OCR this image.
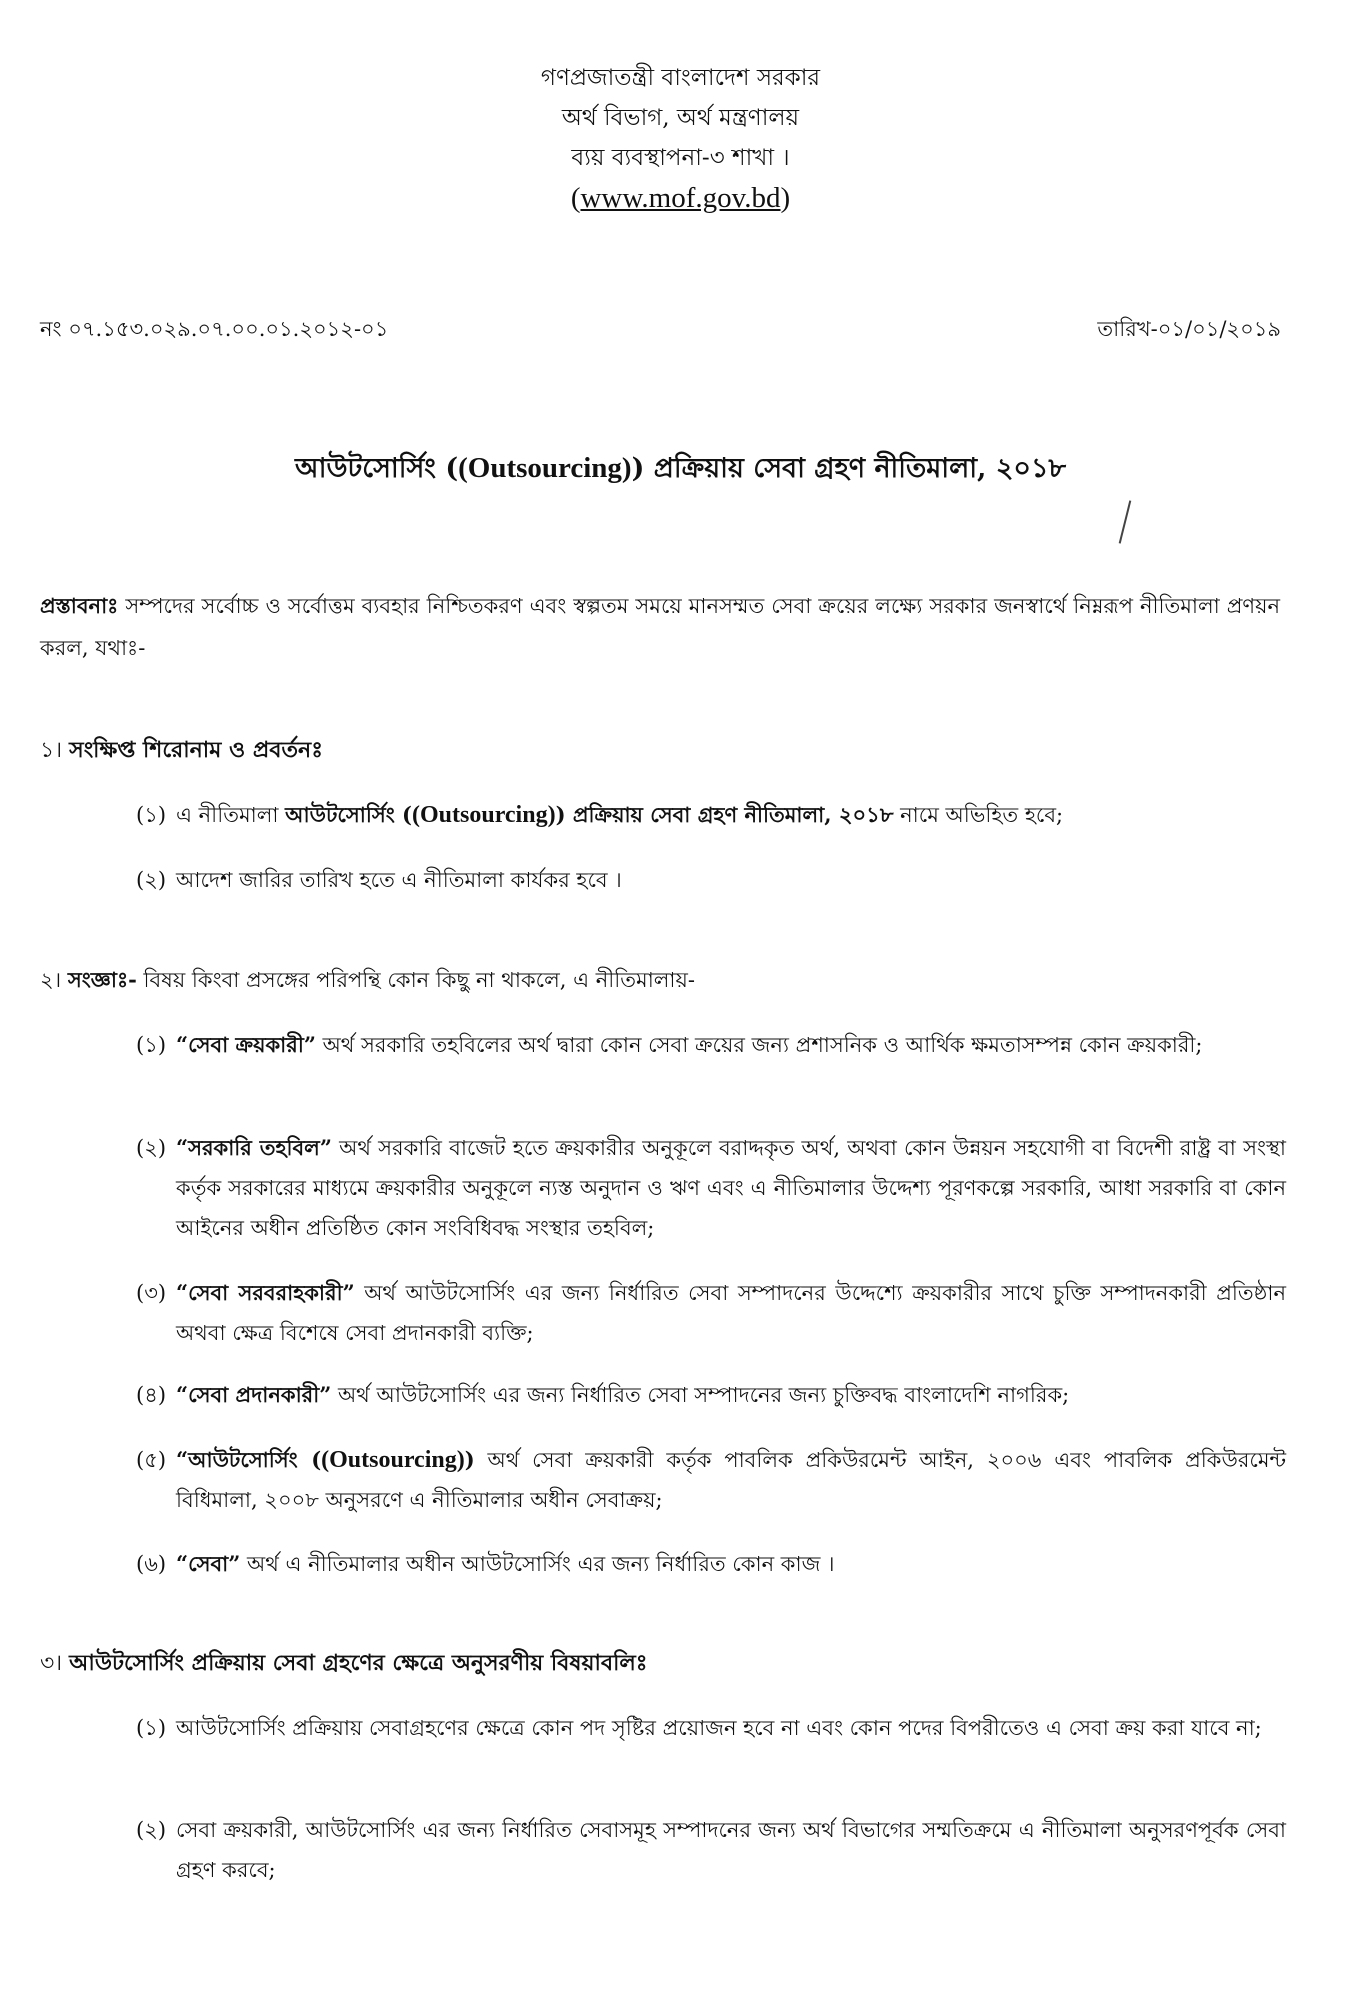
গণপ্রজাতন্ত্রী বাংলাদেশ সরকার
অর্থ বিভাগ, অর্থ মন্ত্রণালয়
ব্যয় ব্যবস্থাপনা-৩ শাখা ।
(www.mof.gov.bd)
নং ০৭.১৫৩.০২৯.০৭.০০.০১.২০১২-০১	তারিখ-০১/০১/২০১৯
আউটসোর্সিং ((Outsourcing)) প্রক্রিয়ায় সেবা গ্রহণ নীতিমালা, ২০১৮
প্রস্তাবনাঃ সম্পদের সর্বোচ্চ ও সর্বোত্তম ব্যবহার নিশ্চিতকরণ এবং স্বল্পতম সময়ে মানসম্মত সেবা ক্রয়ের লক্ষ্যে সরকার জনস্বার্থে নিম্নরূপ নীতিমালা প্রণয়ন করল, যথাঃ-
১। সংক্ষিপ্ত শিরোনাম ও প্রবর্তনঃ
(১) এ নীতিমালা আউটসোর্সিং ((Outsourcing)) প্রক্রিয়ায় সেবা গ্রহণ নীতিমালা, ২০১৮ নামে অভিহিত হবে;
(২) আদেশ জারির তারিখ হতে এ নীতিমালা কার্যকর হবে ।
২। সংজ্ঞাঃ- বিষয় কিংবা প্রসঙ্গের পরিপন্থি কোন কিছু না থাকলে, এ নীতিমালায়-
(১) “সেবা ক্রয়কারী” অর্থ সরকারি তহবিলের অর্থ দ্বারা কোন সেবা ক্রয়ের জন্য প্রশাসনিক ও আর্থিক ক্ষমতাসম্পন্ন কোন ক্রয়কারী;
(২) “সরকারি তহবিল” অর্থ সরকারি বাজেট হতে ক্রয়কারীর অনুকূলে বরাদ্দকৃত অর্থ, অথবা কোন উন্নয়ন সহযোগী বা বিদেশী রাষ্ট্র বা সংস্থা কর্তৃক সরকারের মাধ্যমে ক্রয়কারীর অনুকূলে ন্যস্ত অনুদান ও ঋণ এবং এ নীতিমালার উদ্দেশ্য পূরণকল্পে সরকারি, আধা সরকারি বা কোন আইনের অধীন প্রতিষ্ঠিত কোন সংবিধিবদ্ধ সংস্থার তহবিল;
(৩) “সেবা সরবরাহকারী” অর্থ আউটসোর্সিং এর জন্য নির্ধারিত সেবা সম্পাদনের উদ্দেশ্যে ক্রয়কারীর সাথে চুক্তি সম্পাদনকারী প্রতিষ্ঠান অথবা ক্ষেত্র বিশেষে সেবা প্রদানকারী ব্যক্তি;
(৪) “সেবা প্রদানকারী” অর্থ আউটসোর্সিং এর জন্য নির্ধারিত সেবা সম্পাদনের জন্য চুক্তিবদ্ধ বাংলাদেশি নাগরিক;
(৫) “আউটসোর্সিং ((Outsourcing)) অর্থ সেবা ক্রয়কারী কর্তৃক পাবলিক প্রকিউরমেন্ট আইন, ২০০৬ এবং পাবলিক প্রকিউরমেন্ট বিধিমালা, ২০০৮ অনুসরণে এ নীতিমালার অধীন সেবাক্রয়;
(৬) “সেবা” অর্থ এ নীতিমালার অধীন আউটসোর্সিং এর জন্য নির্ধারিত কোন কাজ ।
৩। আউটসোর্সিং প্রক্রিয়ায় সেবা গ্রহণের ক্ষেত্রে অনুসরণীয় বিষয়াবলিঃ
(১) আউটসোর্সিং প্রক্রিয়ায় সেবাগ্রহণের ক্ষেত্রে কোন পদ সৃষ্টির প্রয়োজন হবে না এবং কোন পদের বিপরীতেও এ সেবা ক্রয় করা যাবে না;
(২) সেবা ক্রয়কারী, আউটসোর্সিং এর জন্য নির্ধারিত সেবাসমূহ সম্পাদনের জন্য অর্থ বিভাগের সম্মতিক্রমে এ নীতিমালা অনুসরণপূর্বক সেবা গ্রহণ করবে;
